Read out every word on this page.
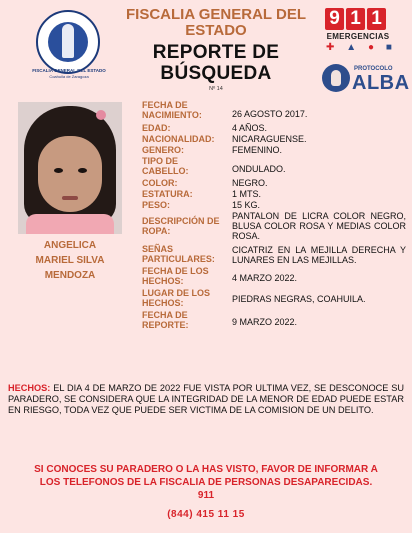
FISCALIA GENERAL DEL ESTADO
Coahuila de Zaragoza
FISCALIA GENERAL DEL
ESTADO
REPORTE DE
BÚSQUEDA
Nº 14
9 1 1
EMERGENCIAS
✚ ▲ ● ■
PROTOCOLO
ALBA
ANGELICA
MARIEL SILVA
MENDOZA
FECHA DE
NACIMIENTO:	26 AGOSTO 2017.
EDAD:	4 AÑOS.
NACIONALIDAD:	NICARAGUENSE.
GENERO:	FEMENINO.
TIPO DE
CABELLO:	ONDULADO.
COLOR:	NEGRO.
ESTATURA:	1 MTS.
PESO:	15 KG.
DESCRIPCIÓN DE
ROPA:
PANTALON DE LICRA COLOR NEGRO, BLUSA COLOR ROSA Y MEDIAS COLOR ROSA.
SEÑAS
PARTICULARES:
CICATRIZ EN LA MEJILLA DERECHA Y LUNARES EN LAS MEJILLAS.
FECHA DE LOS
HECHOS:	4 MARZO 2022.
LUGAR DE LOS
HECHOS:	PIEDRAS NEGRAS, COAHUILA.
FECHA DE
REPORTE:	9 MARZO 2022.
HECHOS: EL DIA 4 DE MARZO DE 2022 FUE VISTA POR ULTIMA VEZ, SE DESCONOCE SU PARADERO, SE CONSIDERA QUE LA INTEGRIDAD DE LA MENOR DE EDAD PUEDE ESTAR EN RIESGO, TODA VEZ QUE PUEDE SER VICTIMA DE LA COMISION DE UN DELITO.
SI CONOCES SU PARADERO O LA HAS VISTO, FAVOR DE INFORMAR A
LOS TELEFONOS DE LA FISCALIA DE PERSONAS DESAPARECIDAS.
911
(844) 415 11 15
